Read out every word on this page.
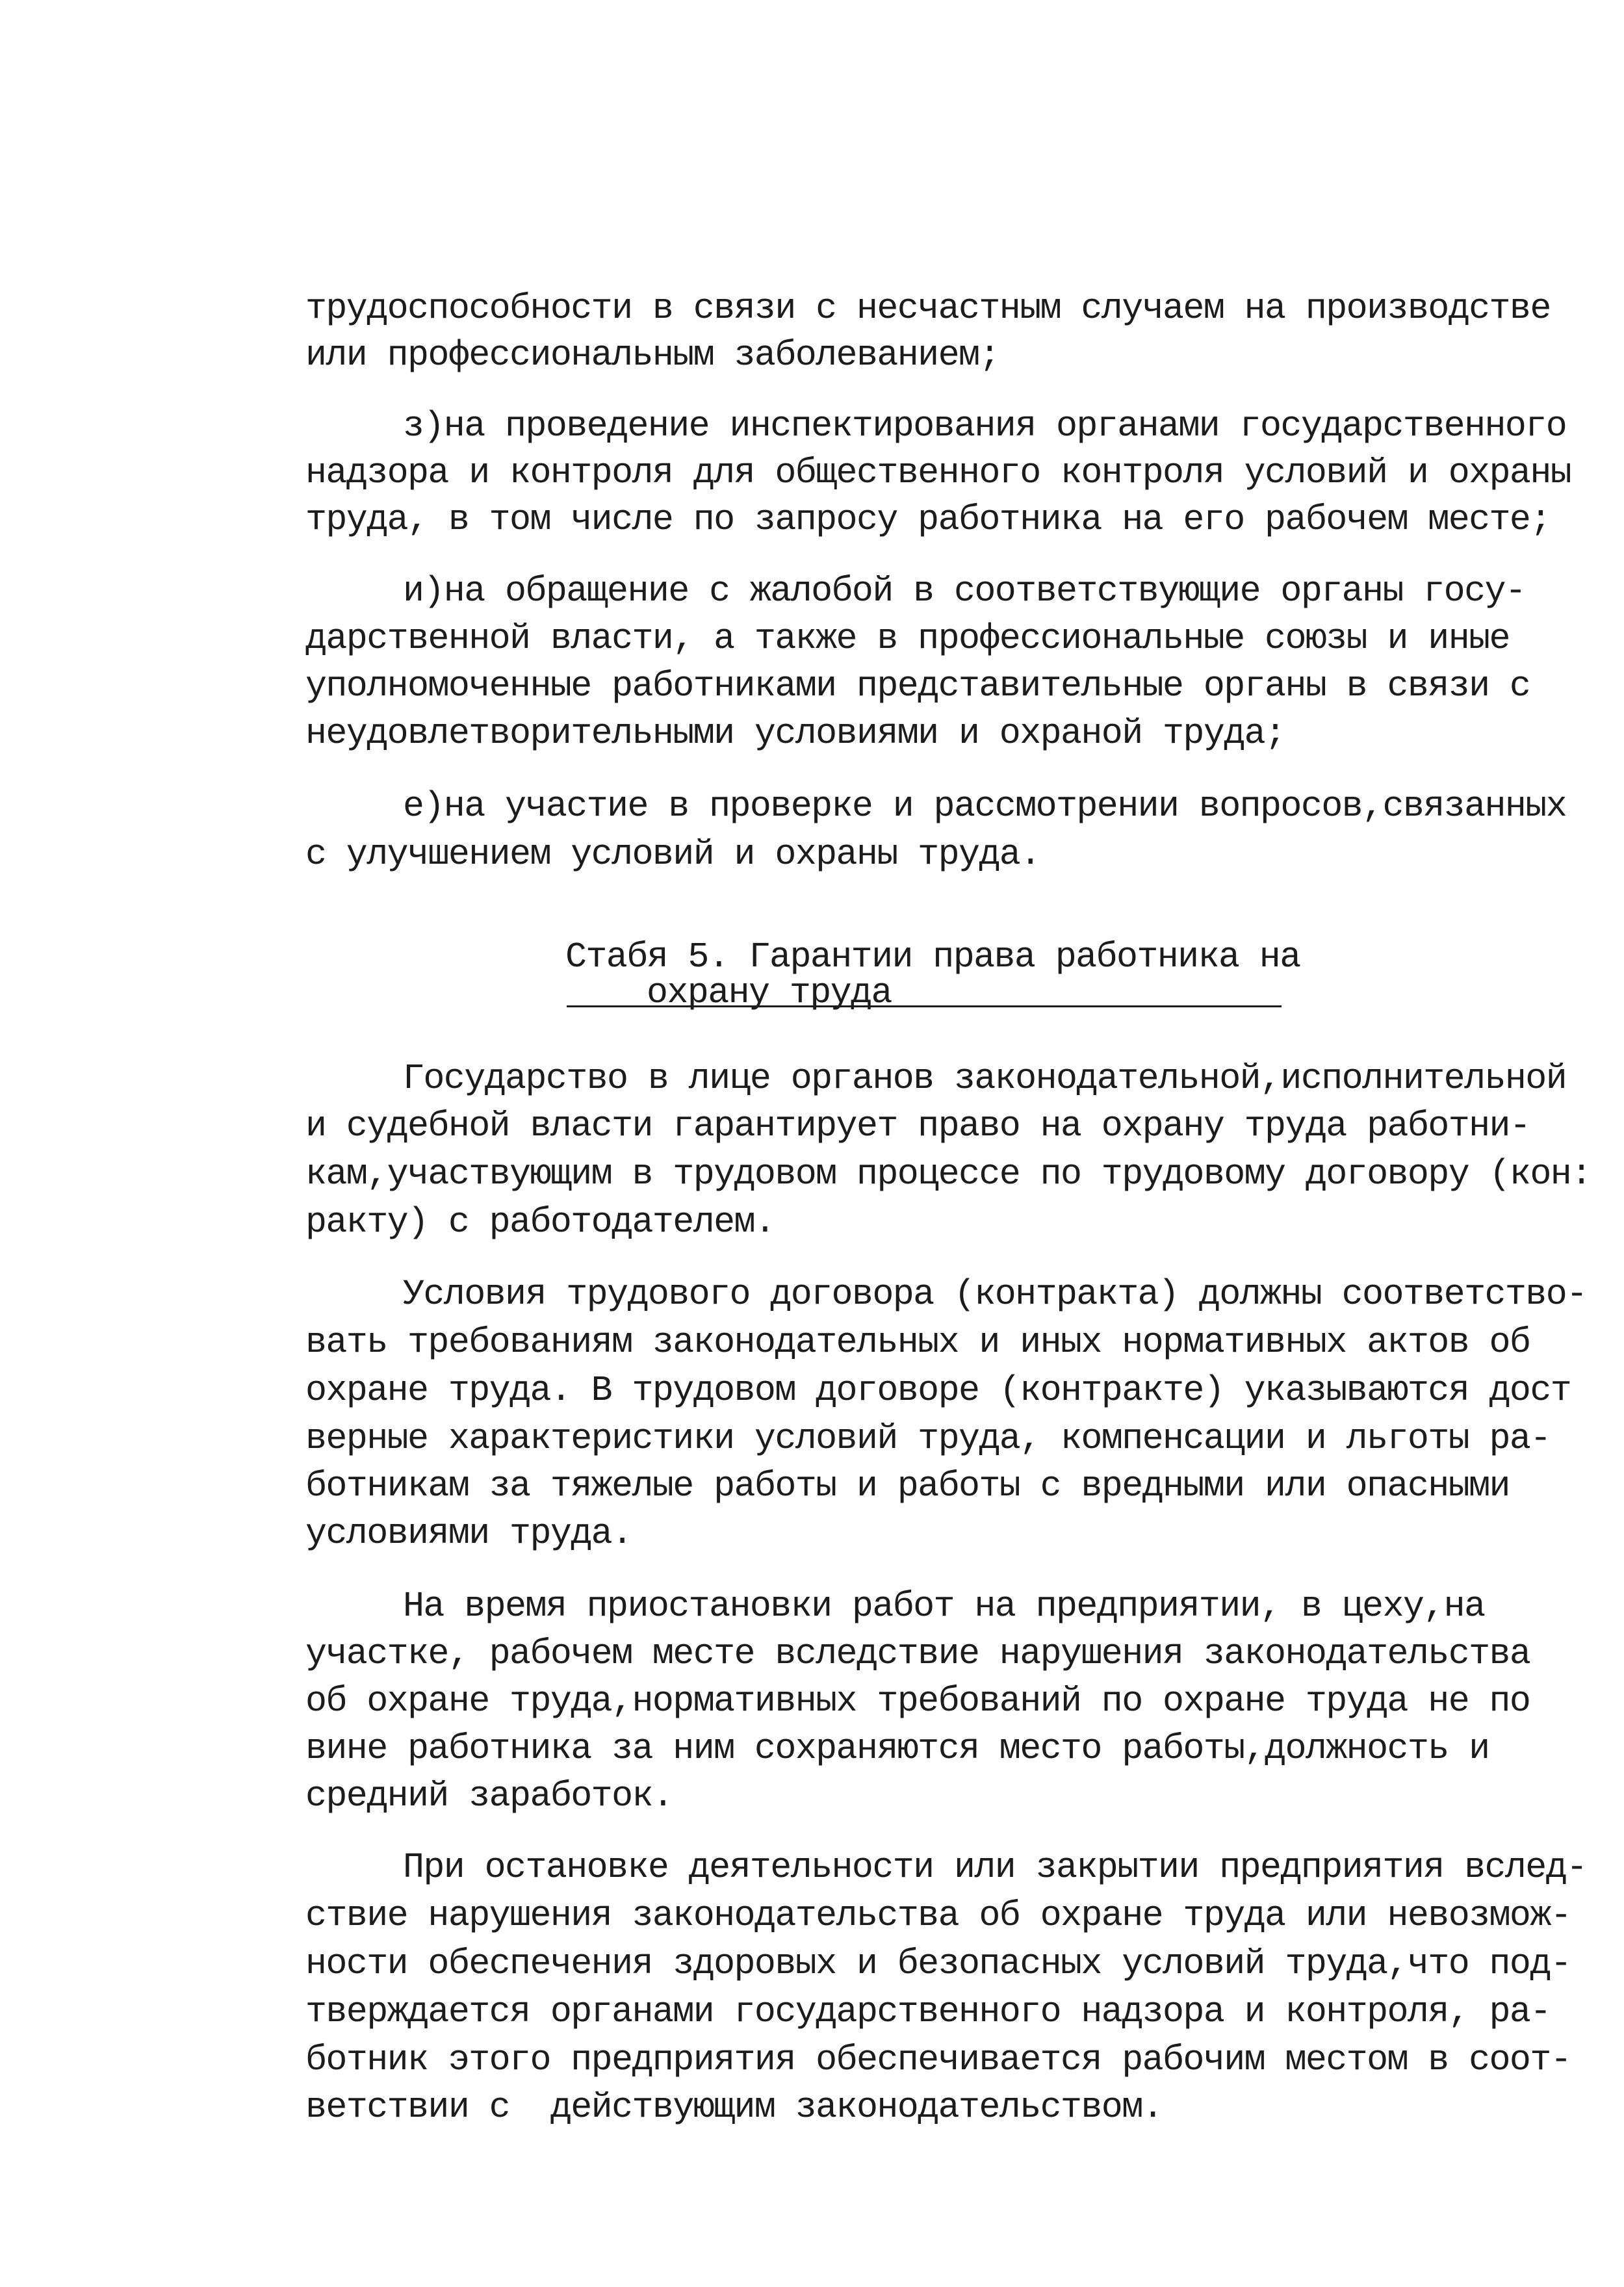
трудоспособности в связи с несчастным случаем на производстве

или профессиональным заболеванием;

з)на проведение инспектирования органами государственного

надзора и контроля для общественного контроля условий и охраны

труда, в том числе по запросу работника на его рабочем месте;

и)на обращение с жалобой в соответствующие органы госу-

дарственной власти, а также в профессиональные союзы и иные

уполномоченные работниками представительные органы в связи с

неудовлетворительными условиями и охраной труда;

е)на участие в проверке и рассмотрении вопросов,связанных

с улучшением условий и охраны труда.

Стабя 5. Гарантии права работника на

охрану труда

Государство в лице органов законодательной,исполнительной

и судебной власти гарантирует право на охрану труда работни-

кам,участвующим в трудовом процессе по трудовому договору (кон:

ракту) с работодателем.

Условия трудового договора (контракта) должны соответство-

вать требованиям законодательных и иных нормативных актов об

охране труда. В трудовом договоре (контракте) указываются дост

верные характеристики условий труда, компенсации и льготы ра-

ботникам за тяжелые работы и работы с вредными или опасными

условиями труда.

На время приостановки работ на предприятии, в цеху,на

участке, рабочем месте вследствие нарушения законодательства

об охране труда,нормативных требований по охране труда не по

вине работника за ним сохраняются место работы,должность и

средний заработок.

При остановке деятельности или закрытии предприятия вслед-

ствие нарушения законодательства об охране труда или невозмож-

ности обеспечения здоровых и безопасных условий труда,что под-

тверждается органами государственного надзора и контроля, ра-

ботник этого предприятия обеспечивается рабочим местом в соот-

ветствии с  действующим законодательством.
